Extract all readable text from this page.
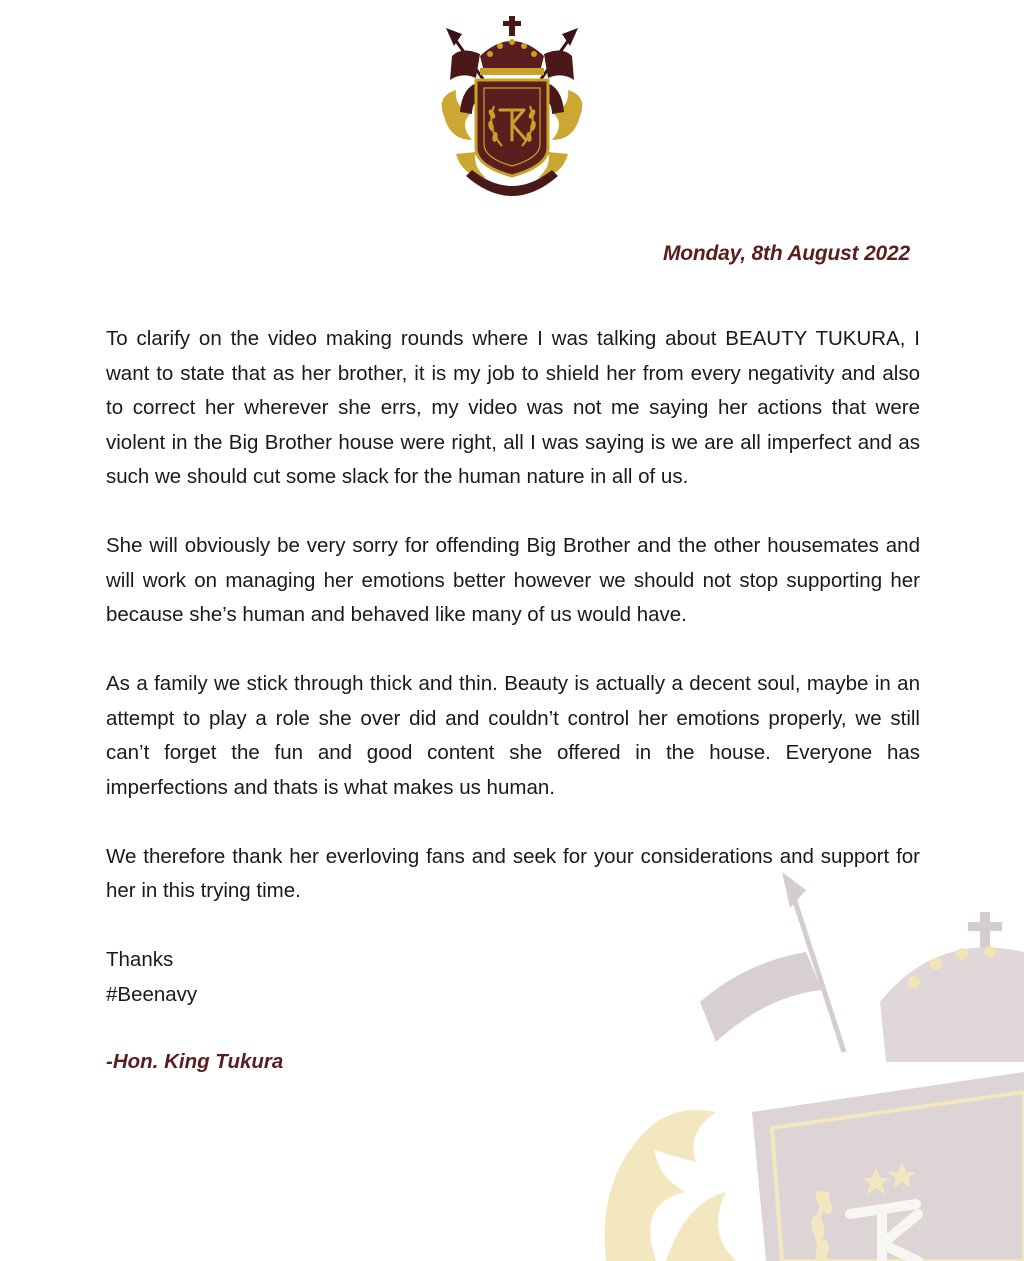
Monday, 8th August 2022

To clarify on the video making rounds where I was talking about BEAUTY TUKURA, I want to state that as her brother, it is my job to shield her from every negativity and also to correct her wherever she errs, my video was not me saying her actions that were violent in the Big Brother house were right, all I was saying is we are all imperfect and as such we should cut some slack for the human nature in all of us.

She will obviously be very sorry for offending Big Brother and the other housemates and will work on managing her emotions better however we should not stop supporting her because she’s human and behaved like many of us would have.

As a family we stick through thick and thin. Beauty is actually a decent soul, maybe in an attempt to play a role she over did and couldn’t control her emotions properly, we still can’t forget the fun and good content she offered in the house. Everyone has imperfections and thats is what makes us human.

We therefore thank her everloving fans and seek for your considerations and support for her in this trying time.

Thanks

#Beenavy

-Hon. King Tukura
